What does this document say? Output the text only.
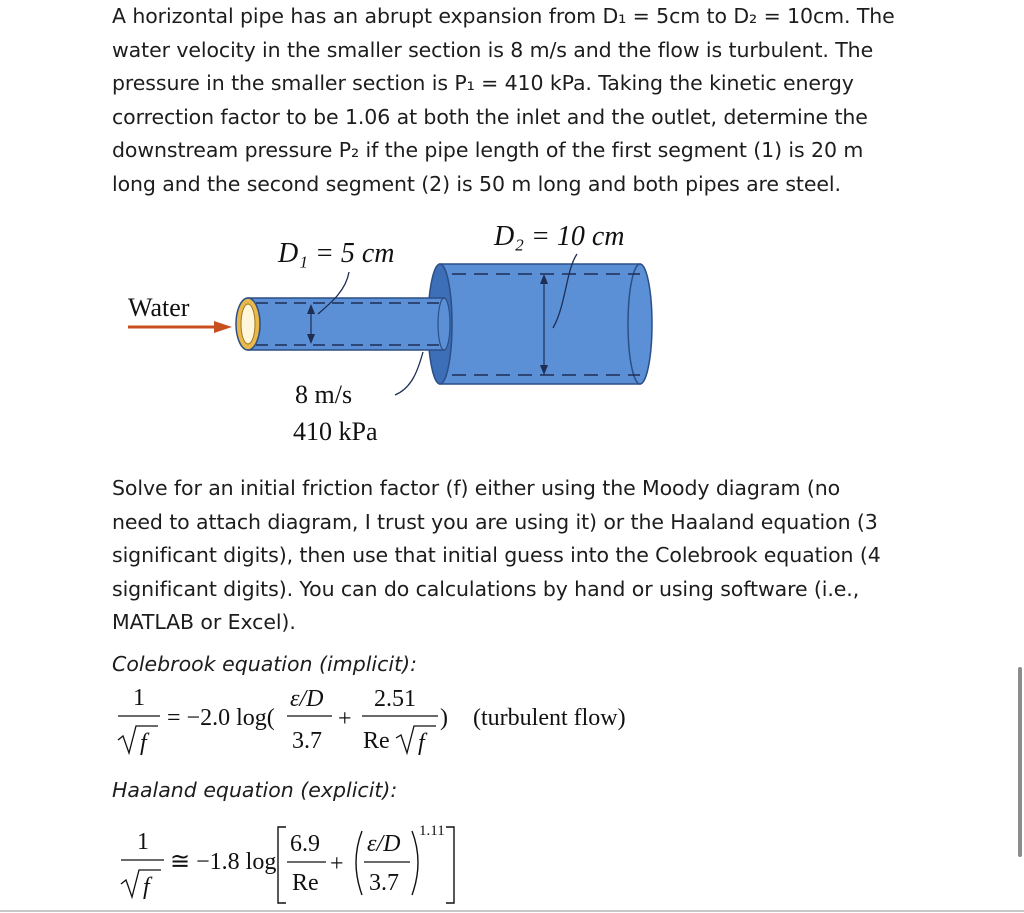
A horizontal pipe has an abrupt expansion from D₁ = 5cm to D₂ = 10cm. The

water velocity in the smaller section is 8 m/s and the flow is turbulent. The

pressure in the smaller section is P₁ = 410 kPa. Taking the kinetic energy

correction factor to be 1.06 at both the inlet and the outlet, determine the

downstream pressure P₂ if the pipe length of the first segment (1) is 20 m

long and the second segment (2) is 50 m long and both pipes are steel.

D₁ = 5 cm
D₂ = 10 cm
Water
8 m/s
410 kPa

Solve for an initial friction factor (f) either using the Moody diagram (no

need to attach diagram, I trust you are using it) or the Haaland equation (3

significant digits), then use that initial guess into the Colebrook equation (4

significant digits). You can do calculations by hand or using software (i.e.,

MATLAB or Excel).

Colebrook equation (implicit):
1
f
= −2.0 log(
ε/D
3.7
+
2.51
Re f
) (turbulent flow)
Haaland equation (explicit):
1
f
≅ −1.8 log
6.9
Re
+
ε/D
3.7
1.11
